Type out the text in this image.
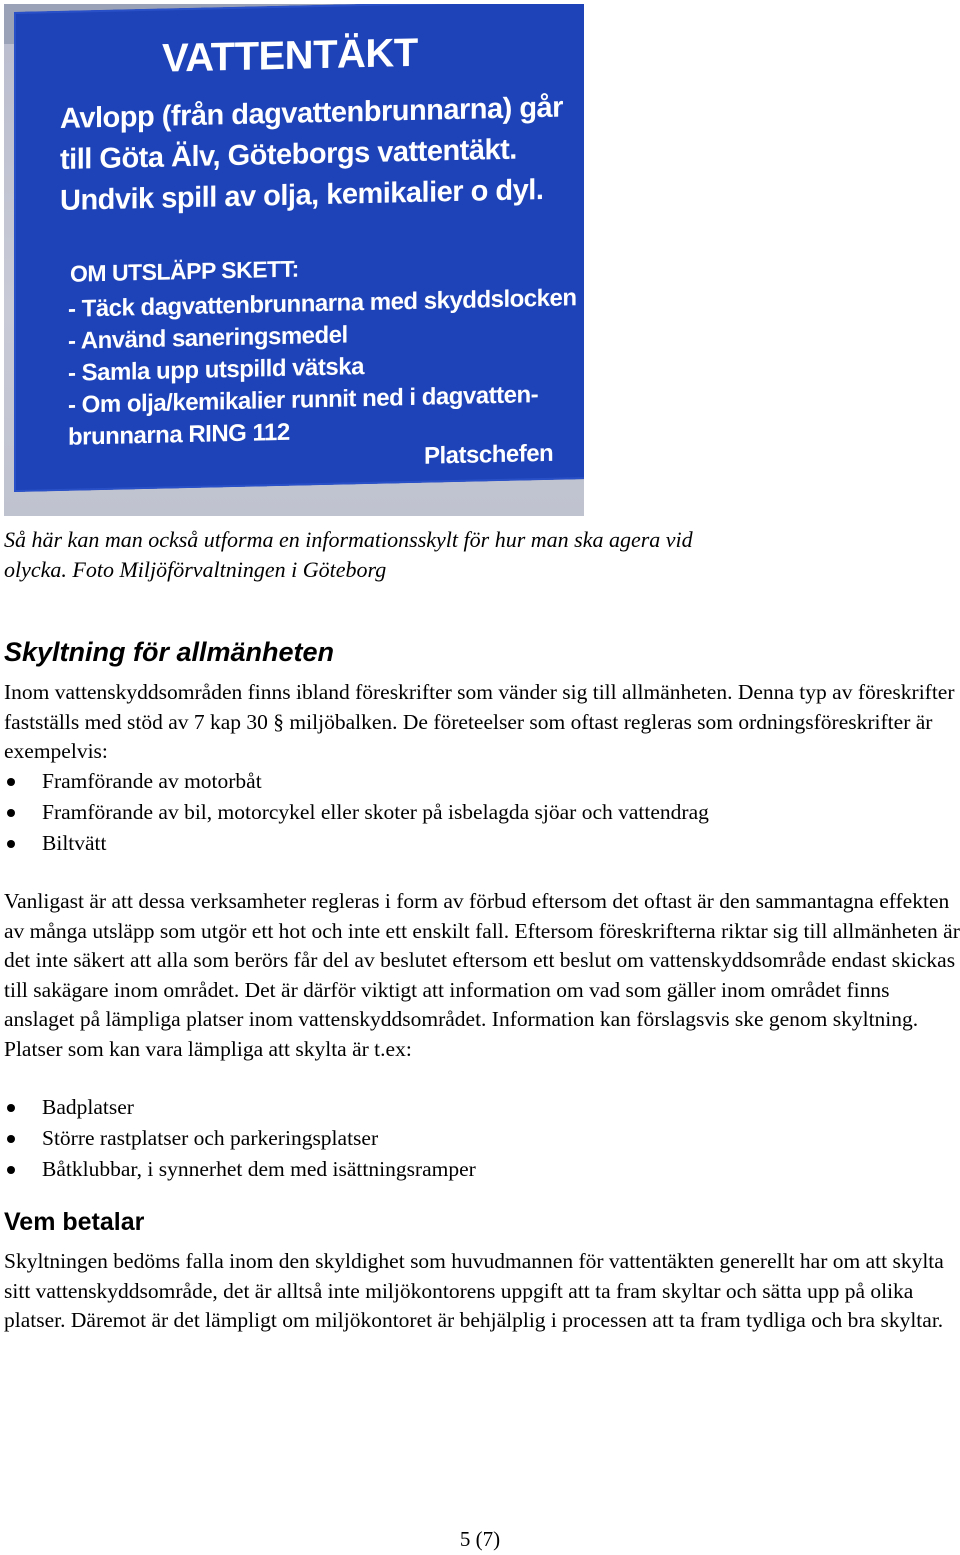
VATTENTÄKT
Avlopp (från dagvattenbrunnarna) går
till Göta Älv, Göteborgs vattentäkt.
Undvik spill av olja, kemikalier o dyl.
OM UTSLÄPP SKETT:
- Täck dagvattenbrunnarna med skyddslocken
- Använd saneringsmedel
- Samla upp utspilld vätska
- Om olja/kemikalier runnit ned i dagvatten-
brunnarna RING 112
Platschefen
Så här kan man också utforma en informationsskylt för hur man ska agera vid olycka. Foto Miljöförvaltningen i Göteborg
Skyltning för allmänheten

Inom vattenskyddsområden finns ibland föreskrifter som vänder sig till allmänheten. Denna typ av föreskrifter fastställs med stöd av 7 kap 30 § miljöbalken. De företeelser som oftast regleras som ordningsföreskrifter är exempelvis:

Framförande av motorbåt
Framförande av bil, motorcykel eller skoter på isbelagda sjöar och vattendrag
Biltvätt

Vanligast är att dessa verksamheter regleras i form av förbud eftersom det oftast är den sammantagna effekten av många utsläpp som utgör ett hot och inte ett enskilt fall. Eftersom föreskrifterna riktar sig till allmänheten är det inte säkert att alla som berörs får del av beslutet eftersom ett beslut om vattenskyddsområde endast skickas till sakägare inom området. Det är därför viktigt att information om vad som gäller inom området finns anslaget på lämpliga platser inom vattenskyddsområdet. Information kan förslagsvis ske genom skyltning. Platser som kan vara lämpliga att skylta är t.ex:

Badplatser
Större rastplatser och parkeringsplatser
Båtklubbar, i synnerhet dem med isättningsramper
Vem betalar

Skyltningen bedöms falla inom den skyldighet som huvudmannen för vattentäkten generellt har om att skylta sitt vattenskyddsområde, det är alltså inte miljökontorens uppgift att ta fram skyltar och sätta upp på olika platser. Däremot är det lämpligt om miljökontoret är behjälplig i processen att ta fram tydliga och bra skyltar.

5 (7)
